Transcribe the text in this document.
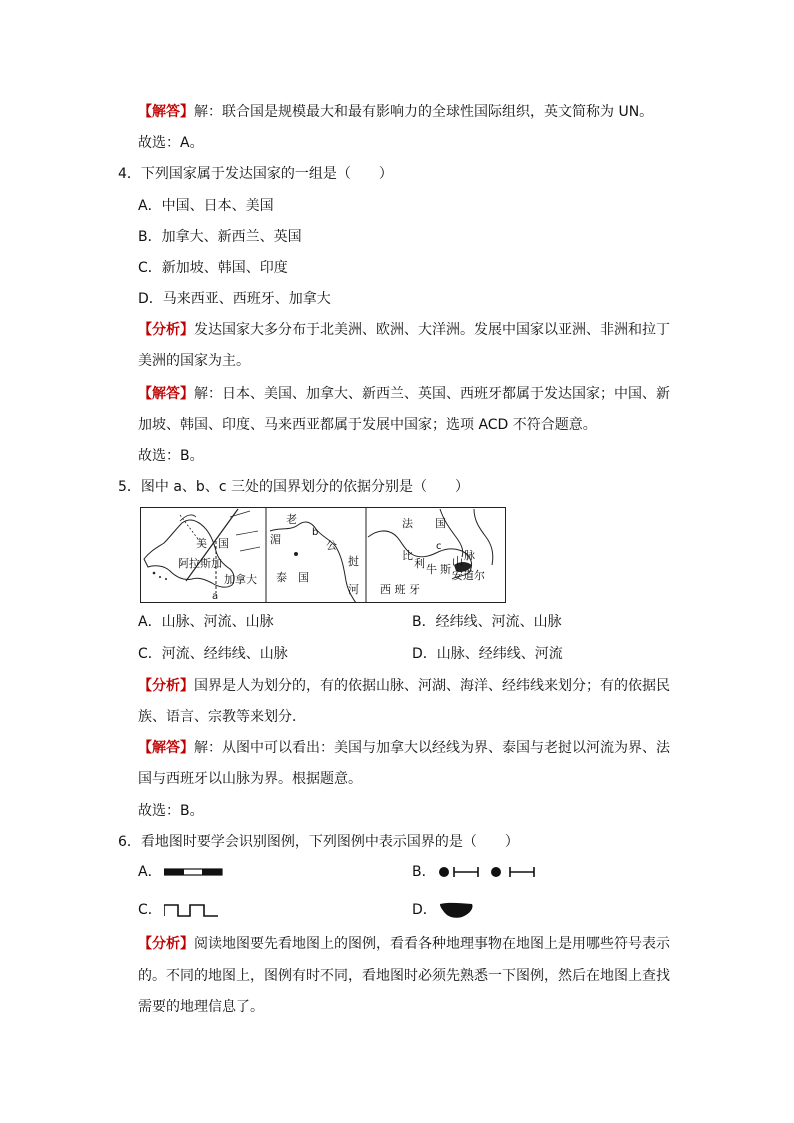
【解答】解：联合国是规模最大和最有影响力的全球性国际组织，英文简称为 UN。
故选：A。
4．下列国家属于发达国家的一组是（　　）
A．中国、日本、美国
B．加拿大、新西兰、英国
C．新加坡、韩国、印度
D．马来西亚、西班牙、加拿大
【分析】发达国家大多分布于北美洲、欧洲、大洋洲。发展中国家以亚洲、非洲和拉丁
美洲的国家为主。
【解答】解：日本、美国、加拿大、新西兰、英国、西班牙都属于发达国家；中国、新
加坡、韩国、印度、马来西亚都属于发展中国家；选项 ACD 不符合题意。
故选：B。
5．图中 a、b、c 三处的国界划分的依据分别是（　　）
美　国
阿拉斯加
加拿大
a
老
湄
b
公
挝
泰　国
河
法　　国
c
比
利 牛 斯
山 脉
安道尔
西 班 牙
A．山脉、河流、山脉	B．经纬线、河流、山脉
C．河流、经纬线、山脉	D．山脉、经纬线、河流
【分析】国界是人为划分的，有的依据山脉、河湖、海洋、经纬线来划分；有的依据民
族、语言、宗教等来划分．
【解答】解：从图中可以看出：美国与加拿大以经线为界、泰国与老挝以河流为界、法
国与西班牙以山脉为界。根据题意。
故选：B。
6．看地图时要学会识别图例，下列图例中表示国界的是（　　）
A．	B．
C．	D．
【分析】阅读地图要先看地图上的图例，看看各种地理事物在地图上是用哪些符号表示
的。不同的地图上，图例有时不同，看地图时必须先熟悉一下图例，然后在地图上查找
需要的地理信息了。
